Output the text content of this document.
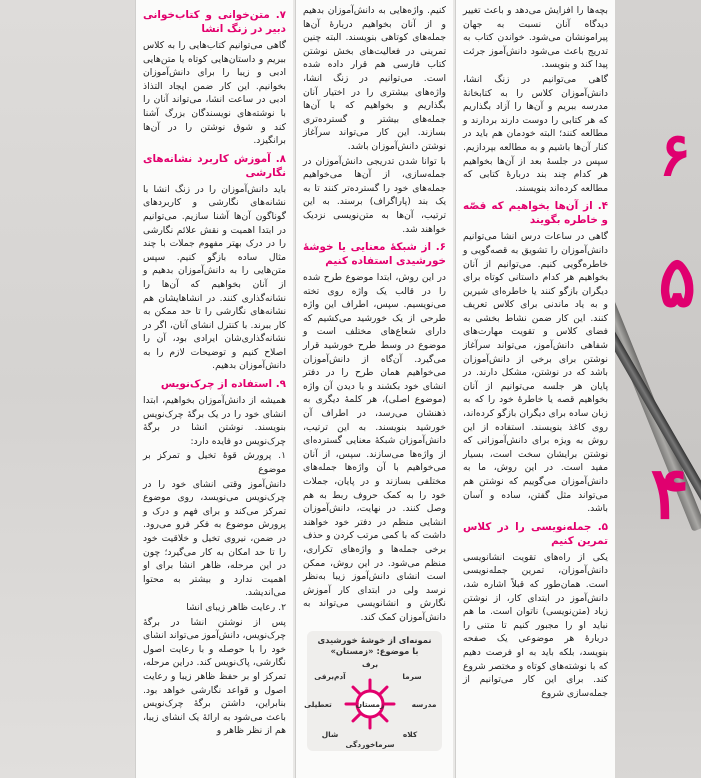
۶
۵
۴

بچه‌ها را افزایش می‌دهد و باعث تغییر دیدگاه آنان نسبت به جهان پیرامونشان می‌شود. خواندن کتاب به تدریج باعث می‌شود دانش‌آموز جرئت پیدا کند و بنویسد.

گاهی می‌توانیم در زنگ انشا، دانش‌آموزان کلاس را به کتابخانهٔ مدرسه ببریم و آن‌ها را آزاد بگذاریم که هر کتابی را دوست دارند بردارند و مطالعه کنند؛ البته خودمان هم باید در کنار آن‌ها باشیم و به مطالعه بپردازیم. سپس در جلسهٔ بعد از آن‌ها بخواهیم هر کدام چند بند دربارهٔ کتابی که مطالعه کرده‌اند بنویسند.

۴. از آن‌ها بخواهیم که قصّه و خاطره بگویند

گاهی در ساعات درس انشا می‌توانیم دانش‌آموزان را تشویق به قصه‌گویی و خاطره‌گویی کنیم. می‌توانیم از آنان بخواهیم هر کدام داستانی کوتاه برای دیگران بازگو کنند یا خاطره‌ای شیرین و به یاد ماندنی برای کلاس تعریف کنند. این کار ضمن نشاط بخشی به فضای کلاس و تقویت مهارت‌های شفاهی دانش‌آموز، می‌تواند سرآغاز نوشتن برای برخی از دانش‌آموزان باشد که در نوشتن، مشکل دارند. در پایان هر جلسه می‌توانیم از آنان بخواهیم قصه یا خاطرهٔ خود را که به زبان ساده برای دیگران بازگو کرده‌اند، روی کاغذ بنویسند. استفاده از این روش به ویژه برای دانش‌آموزانی که نوشتن برایشان سخت است، بسیار مفید است. در این روش، ما به دانش‌آموزان می‌گوییم که نوشتن هم می‌تواند مثل گفتن، ساده و آسان باشد.

۵. جمله‌نویسی را در کلاس تمرین کنیم

یکی از راه‌های تقویت انشانویسی دانش‌آموزان، تمرین جمله‌نویسی است. همان‌طور که قبلاً اشاره شد، دانش‌آموز در ابتدای کار، از نوشتن زیاد (متن‌نویسی) ناتوان است. ما هم نباید او را مجبور کنیم تا متنی را دربارهٔ هر موضوعی یک صفحه بنویسد، بلکه باید به او فرصت دهیم که با نوشته‌های کوتاه و مختصر شروع کند. برای این کار می‌توانیم از جمله‌سازی شروع

کنیم. واژه‌هایی به دانش‌آموزان بدهیم و از آنان بخواهیم دربارهٔ آن‌ها جمله‌های کوتاهی بنویسند. البته چنین تمرینی در فعالیت‌های بخش نوشتن کتاب فارسی هم قرار داده شده است. می‌توانیم در زنگ انشا، واژه‌های بیشتری را در اختیار آنان بگذاریم و بخواهیم که با آن‌ها جمله‌های بیشتر و گسترده‌تری بسازند. این کار می‌تواند سرآغاز نوشتن دانش‌آموزان باشد.

با توانا شدن تدریجی دانش‌آموزان در جمله‌سازی، از آن‌ها می‌خواهیم جمله‌های خود را گسترده‌تر کنند تا به یک بند (پاراگراف) برسند. به این ترتیب، آن‌ها به متن‌نویسی نزدیک خواهند شد.

۶. از شبکهٔ معنایی یا خوشهٔ خورشیدی استفاده کنیم

در این روش، ابتدا موضوع طرح شده را در قالب یک واژه روی تخته می‌نویسیم. سپس، اطراف این واژه طرحی از یک خورشید می‌کشیم که دارای شعاع‌های مختلف است و موضوع در وسط طرح خورشید قرار می‌گیرد. آن‌گاه از دانش‌آموزان می‌خواهیم همان طرح را در دفتر انشای خود بکشند و با دیدن آن واژه (موضوع اصلی)، هر کلمهٔ دیگری به ذهنشان می‌رسد، در اطراف آن خورشید بنویسند. به این ترتیب، دانش‌آموزان شبکهٔ معنایی گسترده‌ای از واژه‌ها می‌سازند. سپس، از آنان می‌خواهیم با آن واژه‌ها جمله‌های مختلفی بسازند و در پایان، جملات خود را به کمک حروف ربط به هم وصل کنند. در نهایت، دانش‌آموزان انشایی منظم در دفتر خود خواهند داشت که با کمی مرتب کردن و حذف برخی جمله‌ها و واژه‌های تکراری، منظم می‌شود. در این روش، ممکن است انشای دانش‌آموز زیبا به‌نظر نرسد ولی در ابتدای کار آموزش نگارش و انشانویسی می‌تواند به دانش‌آموزان کمک کند.

نمونه‌ای از خوشهٔ خورشیدی
با موضوع: «زمستان»
زمستان
برف
سرما
مدرسه
کلاه
سرماخوردگی
شال
تعطیلی
آدم‌برفی
۷. متن‌خوانی و کتاب‌خوانی دبیر در زنگ انشا

گاهی می‌توانیم کتاب‌هایی را به کلاس ببریم و داستان‌هایی کوتاه یا متن‌هایی ادبی و زیبا را برای دانش‌آموزان بخوانیم. این کار ضمن ایجاد التذاذ ادبی در ساعت انشا، می‌تواند آنان را با نوشته‌های نویسندگان بزرگ آشنا کند و شوق نوشتن را در آن‌ها برانگیزد.

۸. آموزش کاربرد نشانه‌های نگارشی

باید دانش‌آموزان را در زنگ انشا با نشانه‌های نگارشی و کاربردهای گوناگون آن‌ها آشنا سازیم. می‌توانیم در ابتدا اهمیت و نقش علائم نگارشی را در درک بهتر مفهوم جملات با چند مثال ساده بازگو کنیم. سپس متن‌هایی را به دانش‌آموزان بدهیم و از آنان بخواهیم که آن‌ها را نشانه‌گذاری کنند. در انشاهایشان هم نشانه‌های نگارشی را تا حد ممکن به کار ببرند. با کنترل انشای آنان، اگر در نشانه‌گذاری‌شان ایرادی بود، آن را اصلاح کنیم و توضیحات لازم را به دانش‌آموزان بدهیم.

۹. استفاده از چرک‌نویس

همیشه از دانش‌آموزان بخواهیم، ابتدا انشای خود را در یک برگهٔ چرک‌نویس بنویسند. نوشتن انشا در برگهٔ چرک‌نویس دو فایده دارد:

۱. پرورش قوهٔ تخیل و تمرکز بر موضوع

دانش‌آموز وقتی انشای خود را در چرک‌نویس می‌نویسد، روی موضوع تمرکز می‌کند و برای فهم و درک و پرورش موضوع به فکر فرو می‌رود. در ضمن، نیروی تخیل و خلاقیت خود را تا حد امکان به کار می‌گیرد؛ چون در این مرحله، ظاهر انشا برای او اهمیت ندارد و بیشتر به محتوا می‌اندیشد.

۲. رعایت ظاهر زیبای انشا

پس از نوشتن انشا در برگهٔ چرک‌نویس، دانش‌آموز می‌تواند انشای خود را با حوصله و با رعایت اصول نگارشی، پاک‌نویس کند. دراین مرحله، تمرکز او بر حفظ ظاهر زیبا و رعایت اصول و قواعد نگارشی خواهد بود. بنابراین، داشتن برگهٔ چرک‌نویس باعث می‌شود به ارائهٔ یک انشای زیبا، هم از نظر ظاهر و
